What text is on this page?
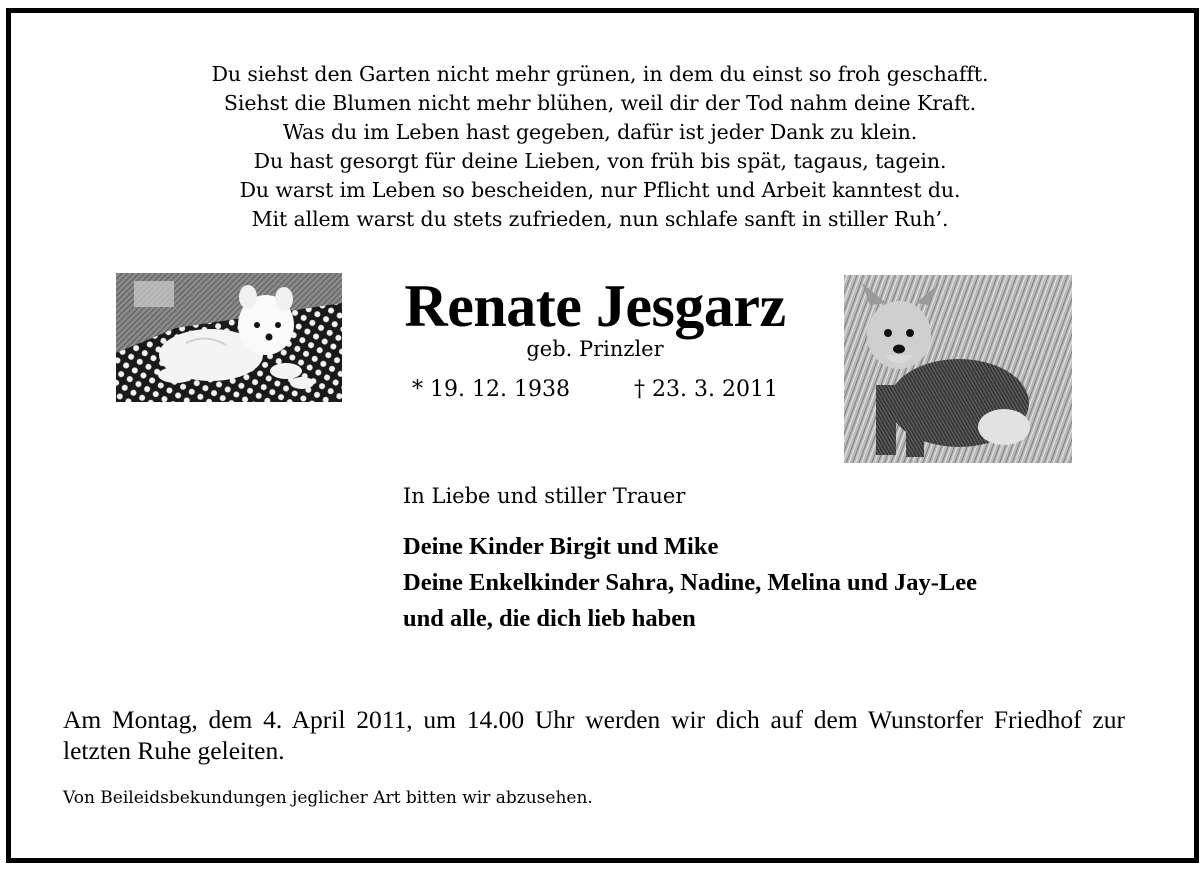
Du siehst den Garten nicht mehr grünen, in dem du einst so froh geschafft.
Siehst die Blumen nicht mehr blühen, weil dir der Tod nahm deine Kraft.
Was du im Leben hast gegeben, dafür ist jeder Dank zu klein.
Du hast gesorgt für deine Lieben, von früh bis spät, tagaus, tagein.
Du warst im Leben so bescheiden, nur Pflicht und Arbeit kanntest du.
Mit allem warst du stets zufrieden, nun schlafe sanft in stiller Ruh’.
Renate Jesgarz
geb. Prinzler
* 19. 12. 1938	† 23. 3. 2011
In Liebe und stiller Trauer
Deine Kinder Birgit und Mike
Deine Enkelkinder Sahra, Nadine, Melina und Jay-Lee
und alle, die dich lieb haben
Am Montag, dem 4. April 2011, um 14.00 Uhr werden wir dich auf dem Wunstorfer Friedhof zur letzten Ruhe geleiten.
Von Beileidsbekundungen jeglicher Art bitten wir abzusehen.
